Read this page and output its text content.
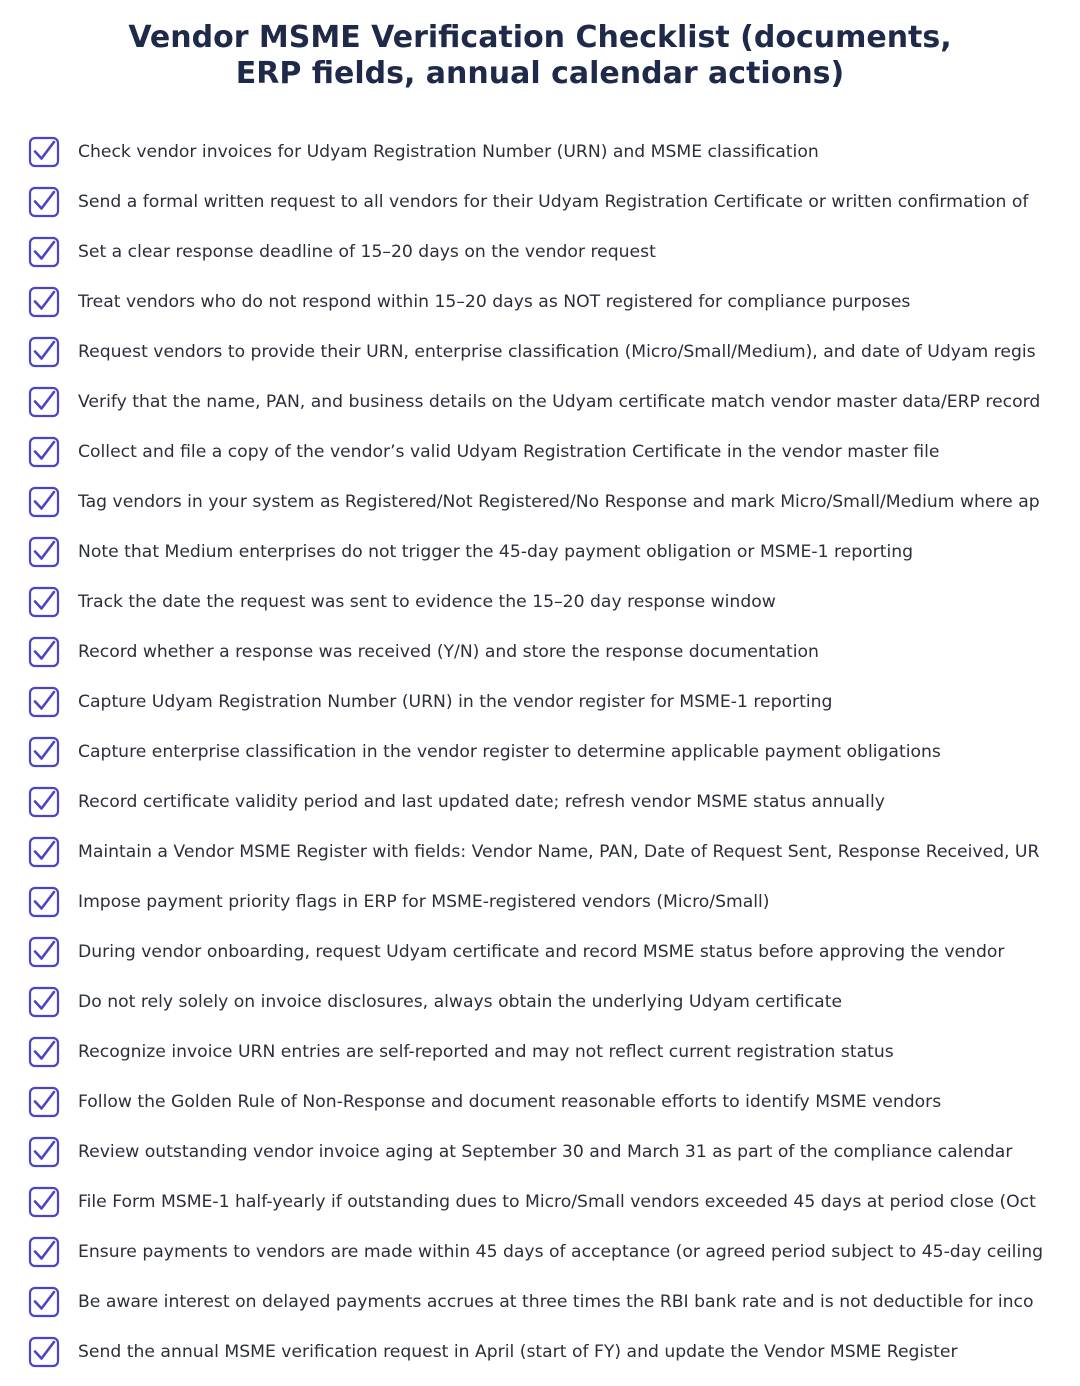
Vendor MSME Verification Checklist (documents,
ERP fields, annual calendar actions)
Check vendor invoices for Udyam Registration Number (URN) and MSME classification
Send a formal written request to all vendors for their Udyam Registration Certificate or written confirmation of
Set a clear response deadline of 15–20 days on the vendor request
Treat vendors who do not respond within 15–20 days as NOT registered for compliance purposes
Request vendors to provide their URN, enterprise classification (Micro/Small/Medium), and date of Udyam regis
Verify that the name, PAN, and business details on the Udyam certificate match vendor master data/ERP record
Collect and file a copy of the vendor’s valid Udyam Registration Certificate in the vendor master file
Tag vendors in your system as Registered/Not Registered/No Response and mark Micro/Small/Medium where ap
Note that Medium enterprises do not trigger the 45-day payment obligation or MSME-1 reporting
Track the date the request was sent to evidence the 15–20 day response window
Record whether a response was received (Y/N) and store the response documentation
Capture Udyam Registration Number (URN) in the vendor register for MSME-1 reporting
Capture enterprise classification in the vendor register to determine applicable payment obligations
Record certificate validity period and last updated date; refresh vendor MSME status annually
Maintain a Vendor MSME Register with fields: Vendor Name, PAN, Date of Request Sent, Response Received, UR
Impose payment priority flags in ERP for MSME-registered vendors (Micro/Small)
During vendor onboarding, request Udyam certificate and record MSME status before approving the vendor
Do not rely solely on invoice disclosures, always obtain the underlying Udyam certificate
Recognize invoice URN entries are self-reported and may not reflect current registration status
Follow the Golden Rule of Non-Response and document reasonable efforts to identify MSME vendors
Review outstanding vendor invoice aging at September 30 and March 31 as part of the compliance calendar
File Form MSME-1 half-yearly if outstanding dues to Micro/Small vendors exceeded 45 days at period close (Oct
Ensure payments to vendors are made within 45 days of acceptance (or agreed period subject to 45-day ceiling
Be aware interest on delayed payments accrues at three times the RBI bank rate and is not deductible for inco
Send the annual MSME verification request in April (start of FY) and update the Vendor MSME Register
